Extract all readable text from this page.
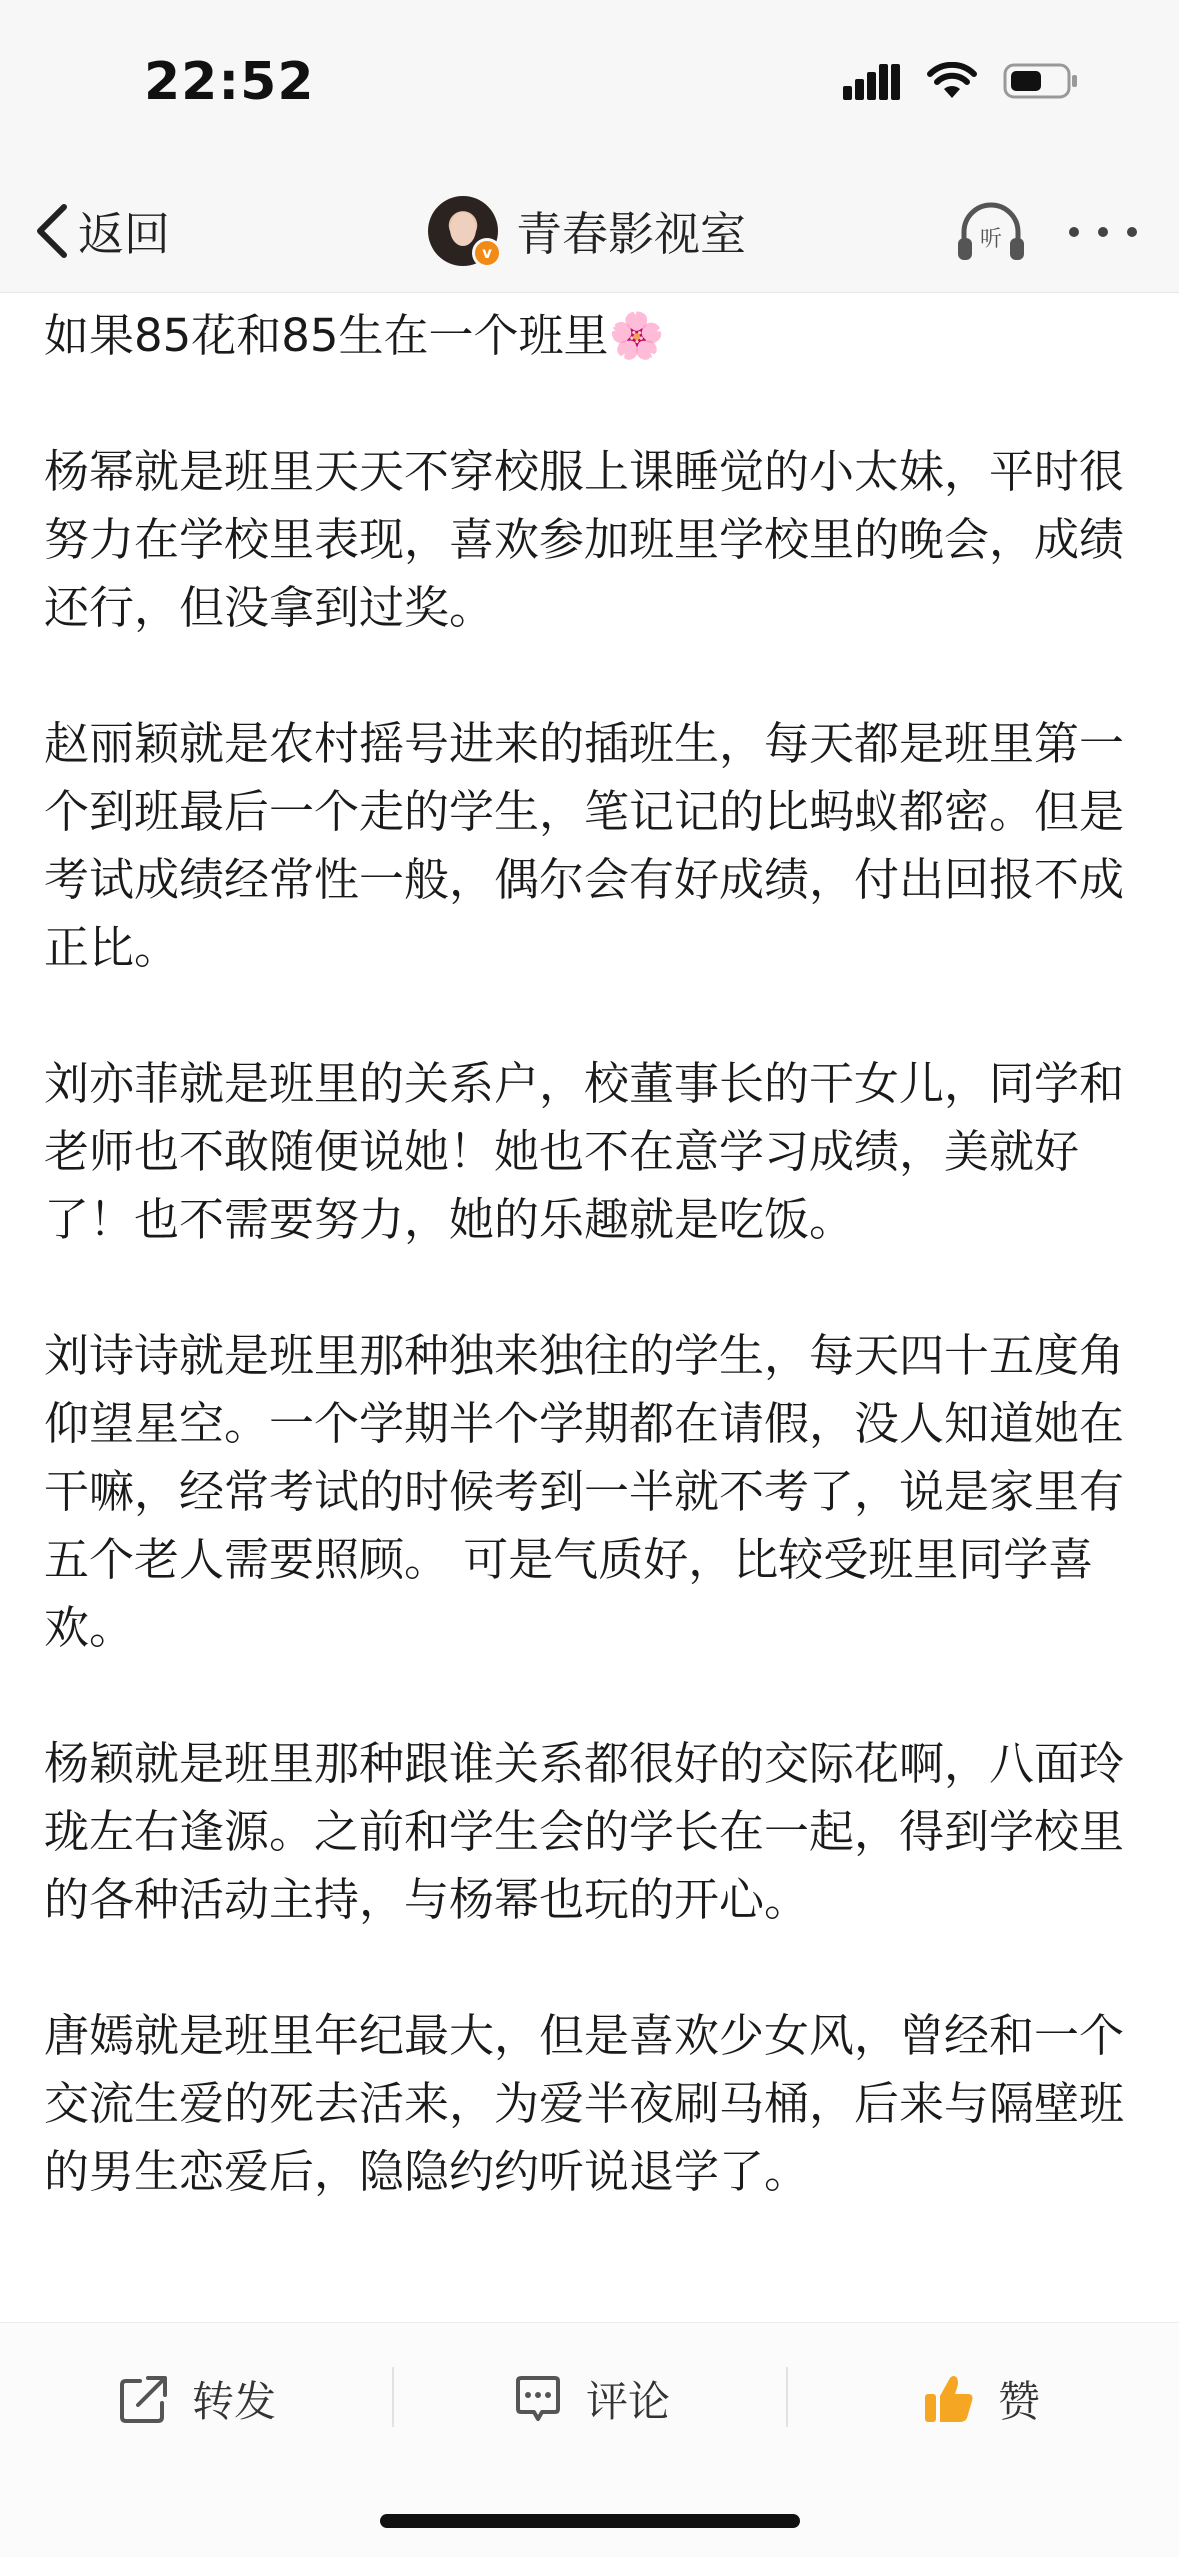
22:52
返回	v 青春影视室	听

如果85花和85生在一个班里🌸

杨幂就是班里天天不穿校服上课睡觉的小太妹，平时很努力在学校里表现，喜欢参加班里学校里的晚会，成绩还行，但没拿到过奖。

赵丽颖就是农村摇号进来的插班生，每天都是班里第一个到班最后一个走的学生，笔记记的比蚂蚁都密。但是考试成绩经常性一般，偶尔会有好成绩，付出回报不成正比。

刘亦菲就是班里的关系户，校董事长的干女儿，同学和老师也不敢随便说她！她也不在意学习成绩，美就好了！也不需要努力，她的乐趣就是吃饭。

刘诗诗就是班里那种独来独往的学生，每天四十五度角仰望星空。一个学期半个学期都在请假，没人知道她在干嘛，经常考试的时候考到一半就不考了，说是家里有五个老人需要照顾。 可是气质好，比较受班里同学喜欢。

杨颖就是班里那种跟谁关系都很好的交际花啊，八面玲珑左右逢源。之前和学生会的学长在一起，得到学校里的各种活动主持，与杨幂也玩的开心。

唐嫣就是班里年纪最大，但是喜欢少女风，曾经和一个交流生爱的死去活来，为爱半夜刷马桶，后来与隔壁班的男生恋爱后，隐隐约约听说退学了。

转发	评论	赞
